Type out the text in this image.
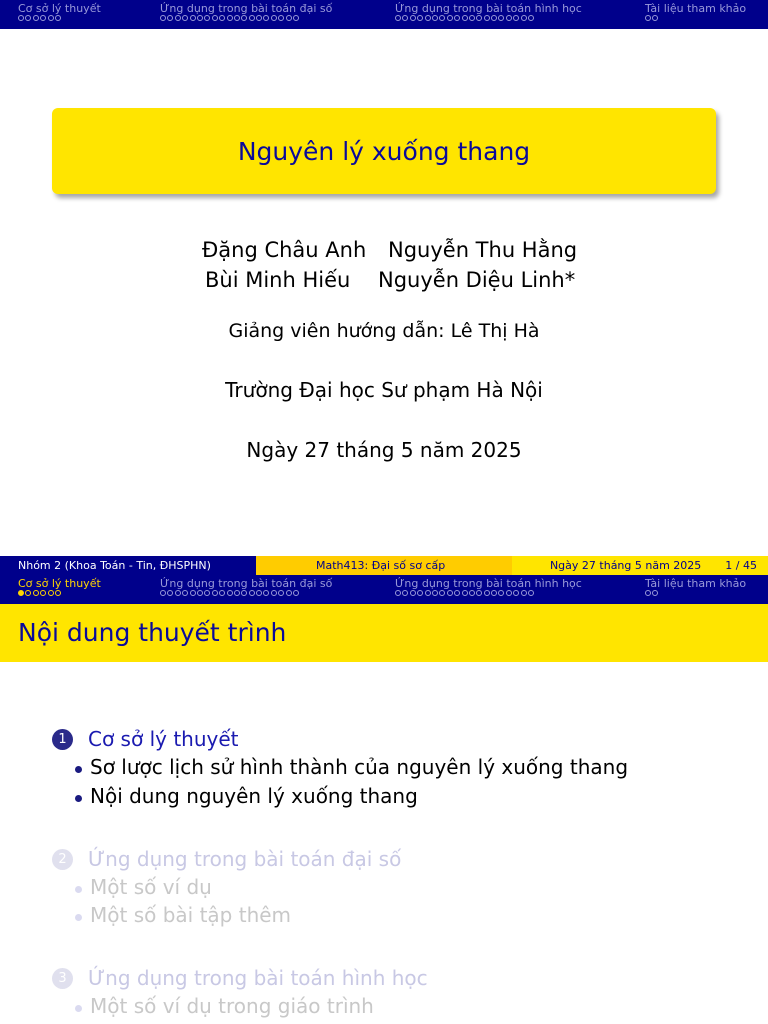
Cơ sở lý thuyết	Ứng dụng trong bài toán đại số	Ứng dụng trong bài toán hình học	Tài liệu tham khảo
Nguyên lý xuống thang
Đặng Châu Anh Nguyễn Thu Hằng
Bùi Minh Hiếu Nguyễn Diệu Linh*
Giảng viên hướng dẫn: Lê Thị Hà
Trường Đại học Sư phạm Hà Nội
Ngày 27 tháng 5 năm 2025
Nhóm 2 (Khoa Toán - Tin, ĐHSPHN)	Math413: Đại số sơ cấp	Ngày 27 tháng 5 năm 2025 1 / 45
Cơ sở lý thuyết	Ứng dụng trong bài toán đại số	Ứng dụng trong bài toán hình học	Tài liệu tham khảo
Nội dung thuyết trình
1	Cơ sở lý thuyết
Sơ lược lịch sử hình thành của nguyên lý xuống thang
Nội dung nguyên lý xuống thang
2	Ứng dụng trong bài toán đại số
Một số ví dụ
Một số bài tập thêm
3	Ứng dụng trong bài toán hình học
Một số ví dụ trong giáo trình
